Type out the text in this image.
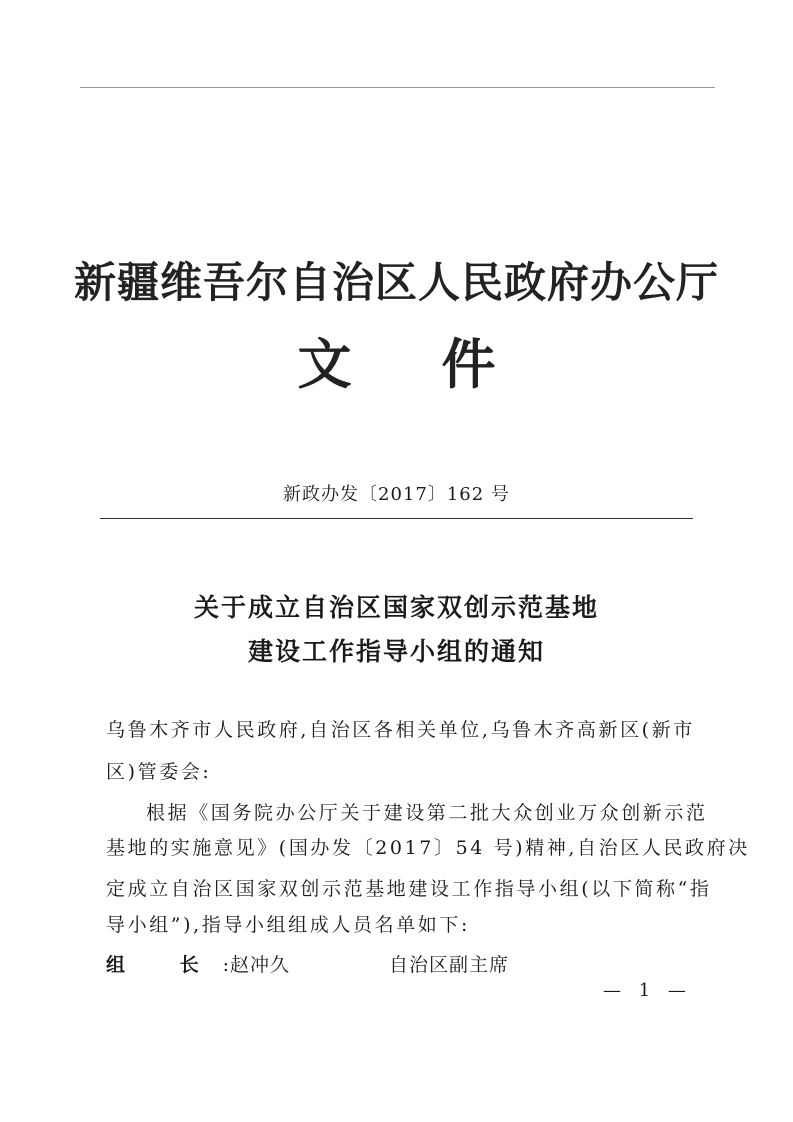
新疆维吾尔自治区人民政府办公厅
文 件
新政办发〔2017〕162 号
关于成立自治区国家双创示范基地
建设工作指导小组的通知
乌鲁木齐市人民政府,自治区各相关单位,乌鲁木齐高新区(新市
区)管委会:
根据《国务院办公厅关于建设第二批大众创业万众创新示范
基地的实施意见》(国办发〔2017〕54 号)精神,自治区人民政府决
定成立自治区国家双创示范基地建设工作指导小组(以下简称“指
导小组”),指导小组组成人员名单如下:
组 长:赵冲久	自治区副主席
— 1 —
